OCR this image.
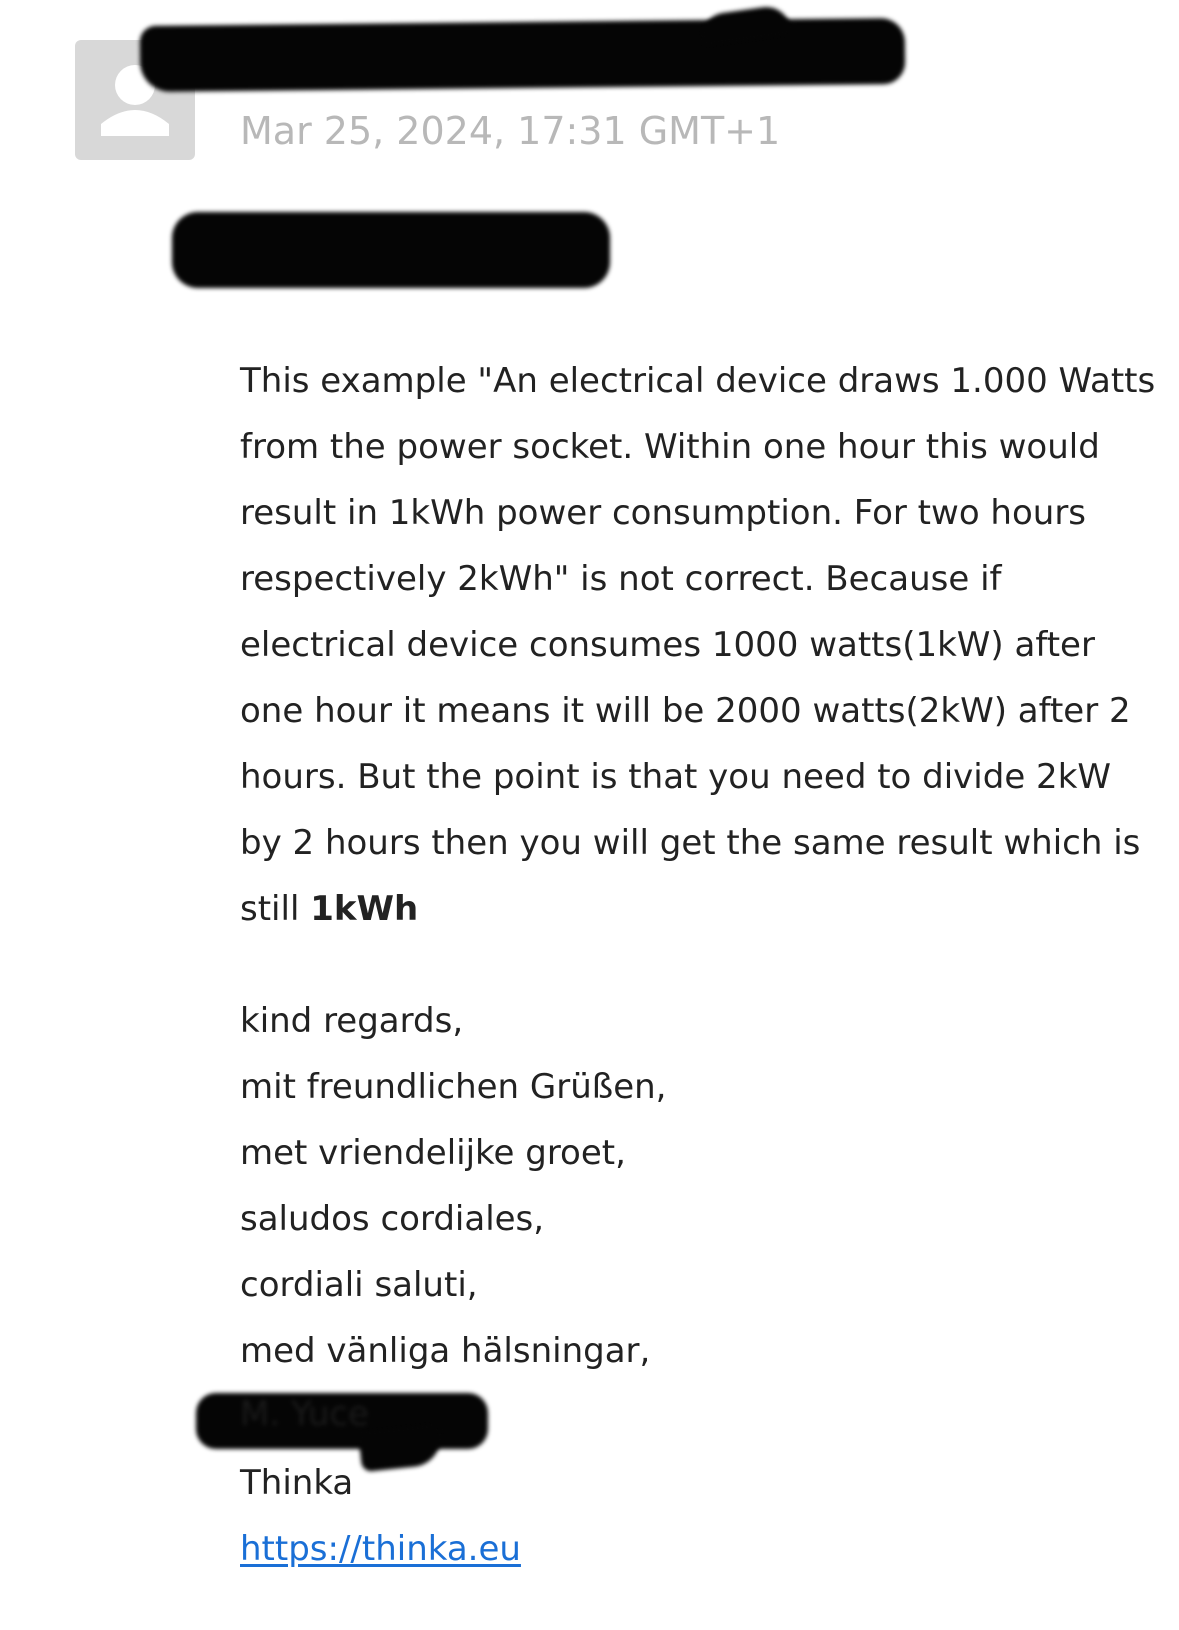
Mar 25, 2024, 17:31 GMT+1

This example "An electrical device draws 1.000 Watts from the power socket. Within one hour this would result in 1kWh power consumption. For two hours respectively 2kWh" is not correct. Because if electrical device consumes 1000 watts(1kW) after one hour it means it will be 2000 watts(2kW) after 2 hours. But the point is that you need to divide 2kW by 2 hours then you will get the same result which is still 1kWh

kind regards,
mit freundlichen Grüßen,
met vriendelijke groet,
saludos cordiales,
cordiali saluti,
med vänliga hälsningar,
Thinka
https://thinka.eu
M. Yuce
